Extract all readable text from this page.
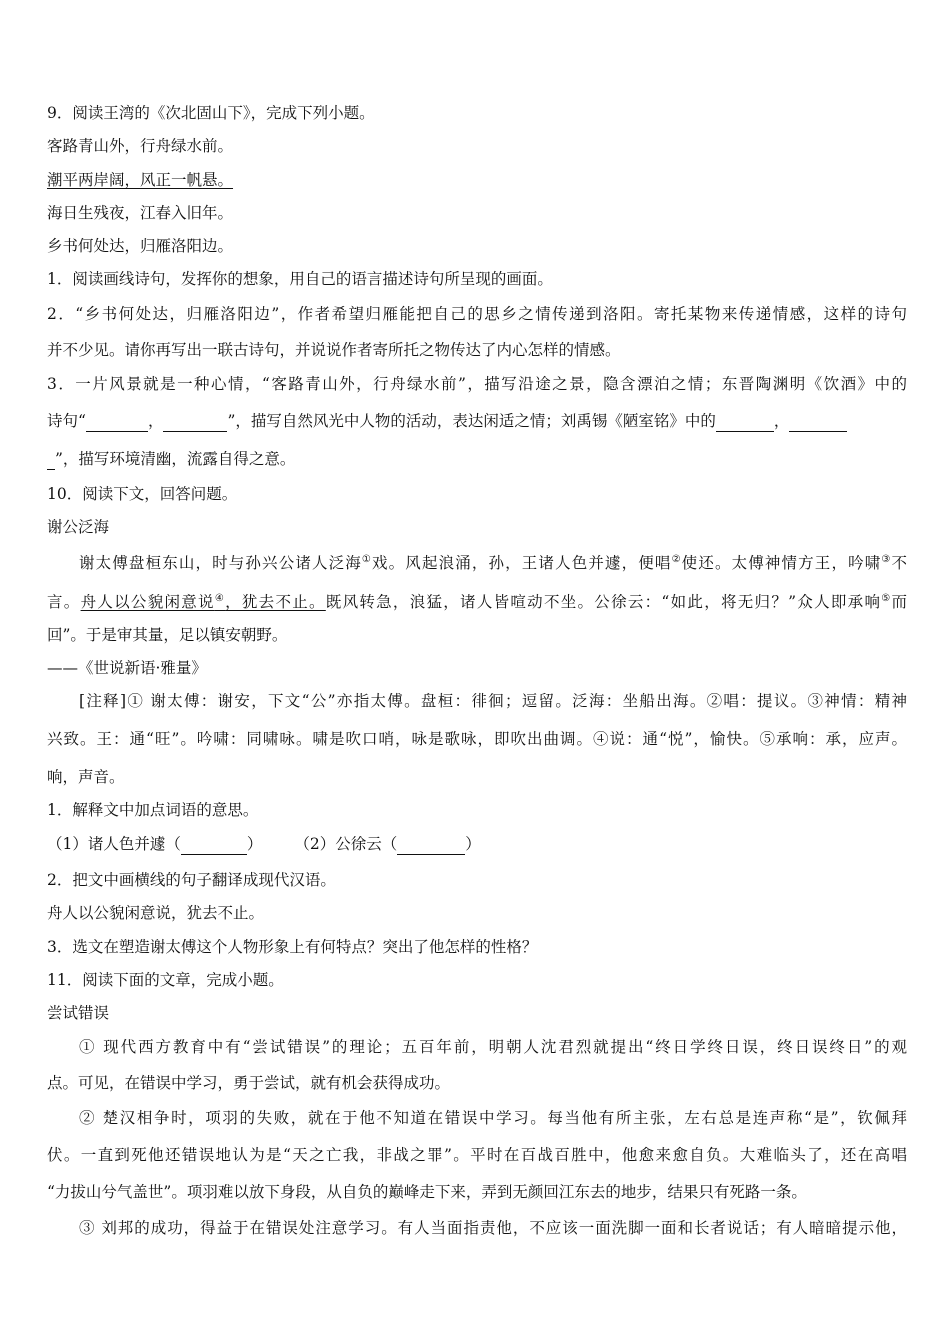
9．阅读王湾的《次北固山下》，完成下列小题。
客路青山外，行舟绿水前。
潮平两岸阔，风正一帆悬。
海日生残夜，江春入旧年。
乡书何处达，归雁洛阳边。
1．阅读画线诗句，发挥你的想象，用自己的语言描述诗句所呈现的画面。
2．“乡书何处达，归雁洛阳边”，作者希望归雁能把自己的思乡之情传递到洛阳。寄托某物来传递情感，这样的诗句
并不少见。请你再写出一联古诗句，并说说作者寄所托之物传达了内心怎样的情感。
3．一片风景就是一种心情，“客路青山外，行舟绿水前”，描写沿途之景，隐含漂泊之情；东晋陶渊明《饮酒》中的
诗句“	，	”，描写自然风光中人物的活动，表达闲适之情；刘禹锡《陋室铭》中的	，
”，描写环境清幽，流露自得之意。
10．阅读下文，回答问题。
谢公泛海
谢太傅盘桓东山，时与孙兴公诸人泛海①戏。风起浪涌，孙，王诸人色并遽，便唱②使还。太傅神情方王，吟啸③不
言。舟人以公貌闲意说④，犹去不止。既风转急，浪猛，诸人皆喧动不坐。公徐云：“如此，将无归？”众人即承响⑤而
回”。于是审其量，足以镇安朝野。
——《世说新语·雅量》
[注释]① 谢太傅：谢安，下文“公”亦指太傅。盘桓：徘徊；逗留。泛海：坐船出海。②唱：提议。③神情：精神
兴致。王：通“旺”。吟啸：同啸咏。啸是吹口哨，咏是歌咏，即吹出曲调。④说：通“悦”，愉快。⑤承响：承，应声。
响，声音。
1．解释文中加点词语的意思。
（1）诸人色并遽（	） （2）公徐云（	）
2．把文中画横线的句子翻译成现代汉语。
舟人以公貌闲意说，犹去不止。
3．选文在塑造谢太傅这个人物形象上有何特点？突出了他怎样的性格？
11．阅读下面的文章，完成小题。
尝试错误
① 现代西方教育中有“尝试错误”的理论；五百年前，明朝人沈君烈就提出“终日学终日误，终日误终日”的观
点。可见，在错误中学习，勇于尝试，就有机会获得成功。
② 楚汉相争时，项羽的失败，就在于他不知道在错误中学习。每当他有所主张，左右总是连声称“是”，钦佩拜
伏。一直到死他还错误地认为是“天之亡我，非战之罪”。平时在百战百胜中，他愈来愈自负。大难临头了，还在高唱
“力拔山兮气盖世”。项羽难以放下身段，从自负的巅峰走下来，弄到无颜回江东去的地步，结果只有死路一条。
③ 刘邦的成功，得益于在错误处注意学习。有人当面指责他，不应该一面洗脚一面和长者说话；有人暗暗提示他，
